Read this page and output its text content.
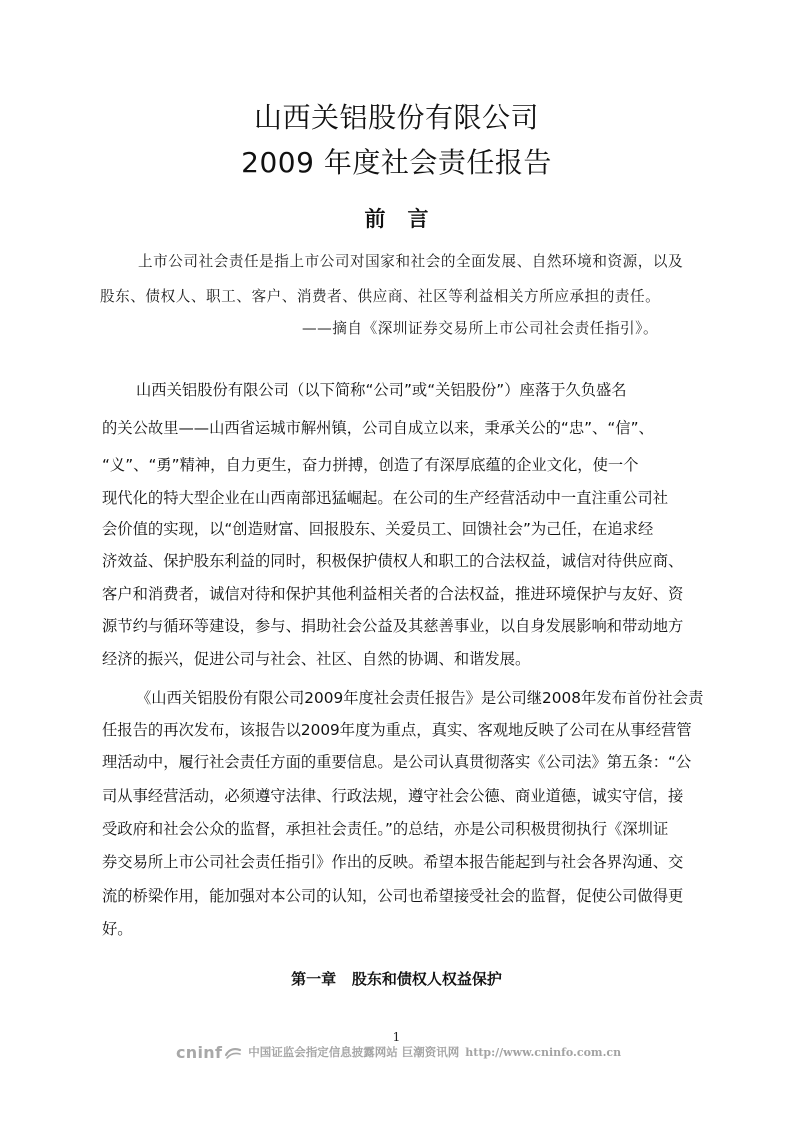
山西关铝股份有限公司
2009 年度社会责任报告
前言
上市公司社会责任是指上市公司对国家和社会的全面发展、自然环境和资源，以及
股东、债权人、职工、客户、消费者、供应商、社区等利益相关方所应承担的责任。
——摘自《深圳证券交易所上市公司社会责任指引》。
山西关铝股份有限公司（以下简称“公司”或“关铝股份”）座落于久负盛名
的关公故里——山西省运城市解州镇，公司自成立以来，秉承关公的“忠”、“信”、
“义”、“勇”精神，自力更生，奋力拼搏，创造了有深厚底蕴的企业文化，使一个
现代化的特大型企业在山西南部迅猛崛起。在公司的生产经营活动中一直注重公司社
会价值的实现，以“创造财富、回报股东、关爱员工、回馈社会”为己任，在追求经
济效益、保护股东利益的同时，积极保护债权人和职工的合法权益，诚信对待供应商、
客户和消费者，诚信对待和保护其他利益相关者的合法权益，推进环境保护与友好、资
源节约与循环等建设，参与、捐助社会公益及其慈善事业，以自身发展影响和带动地方
经济的振兴，促进公司与社会、社区、自然的协调、和谐发展。
《山西关铝股份有限公司2009年度社会责任报告》是公司继2008年发布首份社会责
任报告的再次发布，该报告以2009年度为重点，真实、客观地反映了公司在从事经营管
理活动中，履行社会责任方面的重要信息。是公司认真贯彻落实《公司法》第五条：“公
司从事经营活动，必须遵守法律、行政法规，遵守社会公德、商业道德，诚实守信，接
受政府和社会公众的监督，承担社会责任。”的总结，亦是公司积极贯彻执行《深圳证
券交易所上市公司社会责任指引》作出的反映。希望本报告能起到与社会各界沟通、交
流的桥梁作用，能加强对本公司的认知，公司也希望接受社会的监督，促使公司做得更
好。
第一章   股东和债权人权益保护
1
cninf 中国证监会指定信息披露网站 巨潮资讯网 http://www.cninfo.com.cn
